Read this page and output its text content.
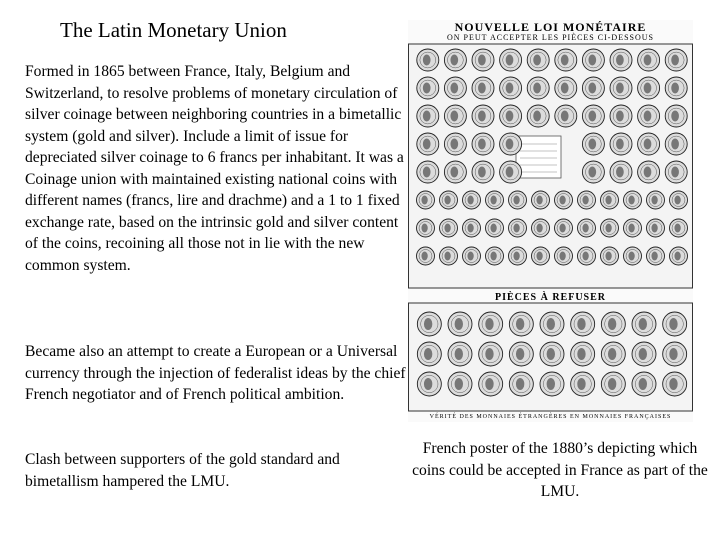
The Latin Monetary Union

Formed in 1865 between France, Italy, Belgium and Switzerland, to resolve problems of monetary circulation of silver coinage between neighboring countries in a bimetallic system (gold and silver). Include a limit of issue for depreciated silver coinage to 6 francs per inhabitant. It was a Coinage union with maintained existing national coins with different names (francs, lire and drachme) and a 1 to 1 fixed exchange rate, based on the intrinsic gold and silver content of the coins, recoining all those not in lie with the new common system.

Became also an attempt to create a European or a Universal currency through the injection of federalist ideas by the chief French negotiator and of French political ambition.

Clash between supporters of the gold standard and bimetallism hampered the LMU.

NOUVELLE LOI MONÉTAIRE
ON PEUT ACCEPTER LES PIÈCES CI-DESSOUS
PIÈCES À REFUSER
VÉRITÉ DES MONNAIES ÉTRANGÈRES EN MONNAIES FRANÇAISES
French poster of the 1880’s depicting which coins could be accepted in France as part of the LMU.
